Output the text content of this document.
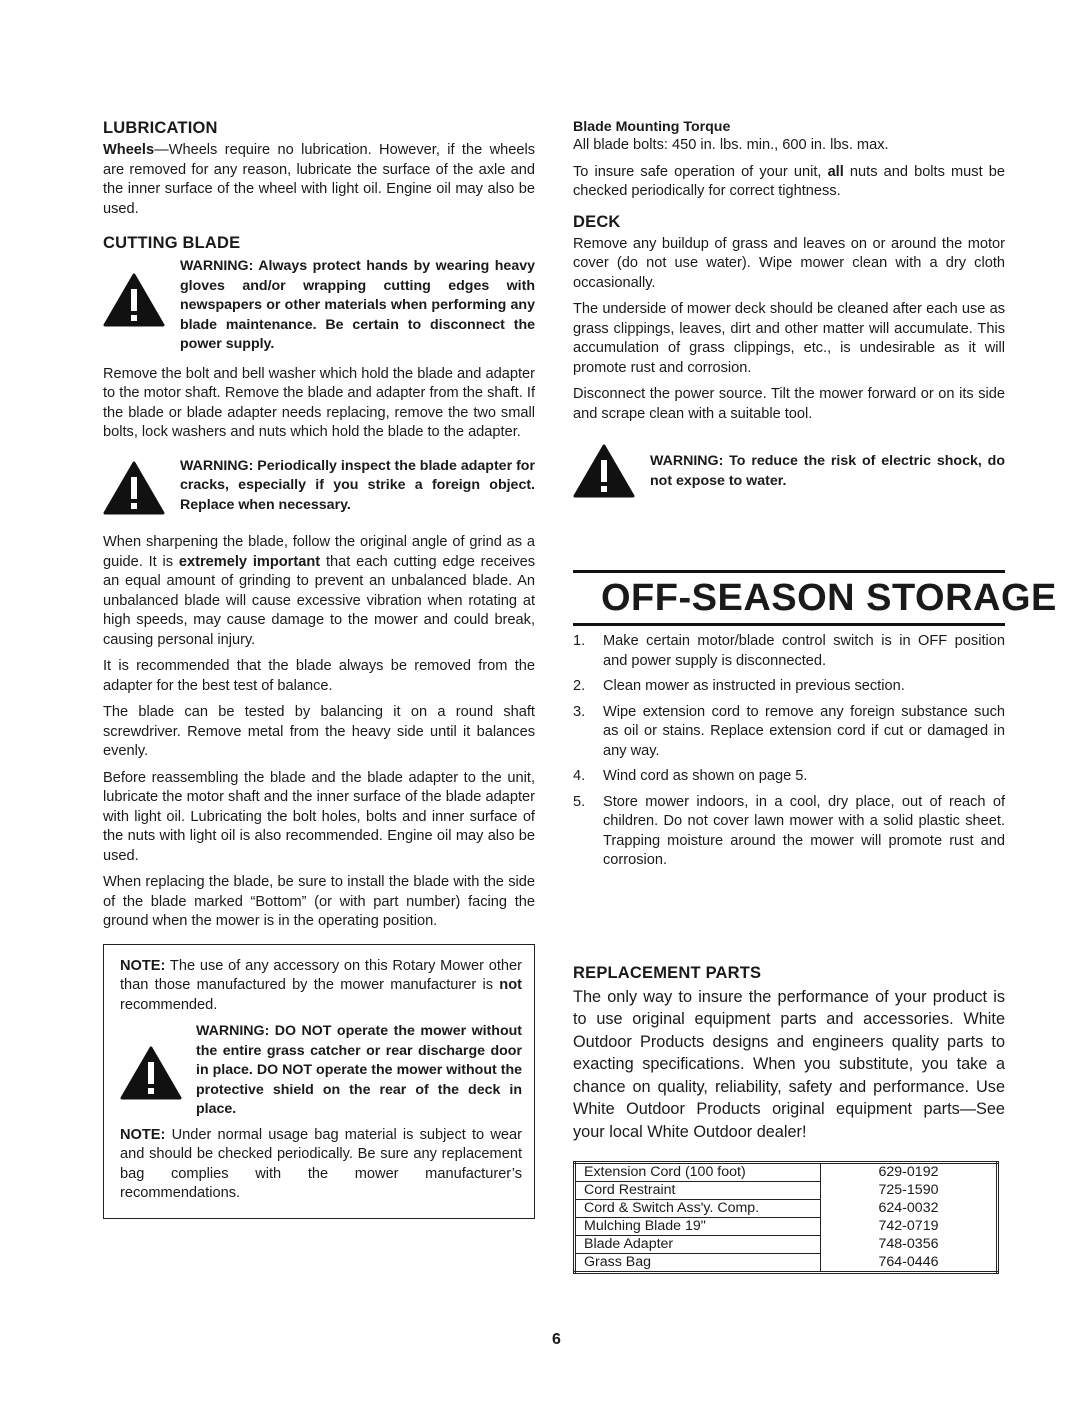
LUBRICATION

Wheels—Wheels require no lubrication. However, if the wheels are removed for any reason, lubricate the surface of the axle and the inner surface of the wheel with light oil. Engine oil may also be used.

CUTTING BLADE
WARNING: Always protect hands by wearing heavy gloves and/or wrapping cutting edges with newspapers or other materials when performing any blade maintenance. Be certain to disconnect the power supply.

Remove the bolt and bell washer which hold the blade and adapter to the motor shaft. Remove the blade and adapter from the shaft. If the blade or blade adapter needs replacing, remove the two small bolts, lock washers and nuts which hold the blade to the adapter.

WARNING: Periodically inspect the blade adapter for cracks, especially if you strike a foreign object. Replace when necessary.

When sharpening the blade, follow the original angle of grind as a guide. It is extremely important that each cutting edge receives an equal amount of grinding to prevent an unbalanced blade. An unbalanced blade will cause excessive vibration when rotating at high speeds, may cause damage to the mower and could break, causing personal injury.

It is recommended that the blade always be removed from the adapter for the best test of balance.

The blade can be tested by balancing it on a round shaft screwdriver. Remove metal from the heavy side until it balances evenly.

Before reassembling the blade and the blade adapter to the unit, lubricate the motor shaft and the inner surface of the blade adapter with light oil. Lubricating the bolt holes, bolts and inner surface of the nuts with light oil is also recommended. Engine oil may also be used.

When replacing the blade, be sure to install the blade with the side of the blade marked “Bottom” (or with part number) facing the ground when the mower is in the operating position.

NOTE: The use of any accessory on this Rotary Mower other than those manufactured by the mower manufacturer is not recommended.

WARNING: DO NOT operate the mower without the entire grass catcher or rear discharge door in place. DO NOT operate the mower without the protective shield on the rear of the deck in place.

NOTE: Under normal usage bag material is subject to wear and should be checked periodically. Be sure any replacement bag complies with the mower manufacturer’s recommendations.

Blade Mounting Torque

All blade bolts: 450 in. lbs. min., 600 in. lbs. max.

To insure safe operation of your unit, all nuts and bolts must be checked periodically for correct tightness.

DECK

Remove any buildup of grass and leaves on or around the motor cover (do not use water). Wipe mower clean with a dry cloth occasionally.

The underside of mower deck should be cleaned after each use as grass clippings, leaves, dirt and other matter will accumulate. This accumulation of grass clippings, etc., is undesirable as it will promote rust and corrosion.

Disconnect the power source. Tilt the mower forward or on its side and scrape clean with a suitable tool.

WARNING: To reduce the risk of electric shock, do not expose to water.
OFF-SEASON STORAGE
1.	Make certain motor/blade control switch is in OFF position and power supply is disconnected.
2.	Clean mower as instructed in previous section.
3.	Wipe extension cord to remove any foreign substance such as oil or stains. Replace extension cord if cut or damaged in any way.
4.	Wind cord as shown on page 5.
5.	Store mower indoors, in a cool, dry place, out of reach of children. Do not cover lawn mower with a solid plastic sheet. Trapping moisture around the mower will promote rust and corrosion.
REPLACEMENT PARTS

The only way to insure the performance of your product is to use original equipment parts and accessories. White Outdoor Products designs and engineers quality parts to exacting specifications. When you substitute, you take a chance on quality, reliability, safety and performance. Use White Outdoor Products original equipment parts—See your local White Outdoor dealer!

Extension Cord (100 foot)	629-0192
Cord Restraint	725-1590
Cord & Switch Ass'y. Comp.	624-0032
Mulching Blade 19"	742-0719
Blade Adapter	748-0356
Grass Bag	764-0446
6
